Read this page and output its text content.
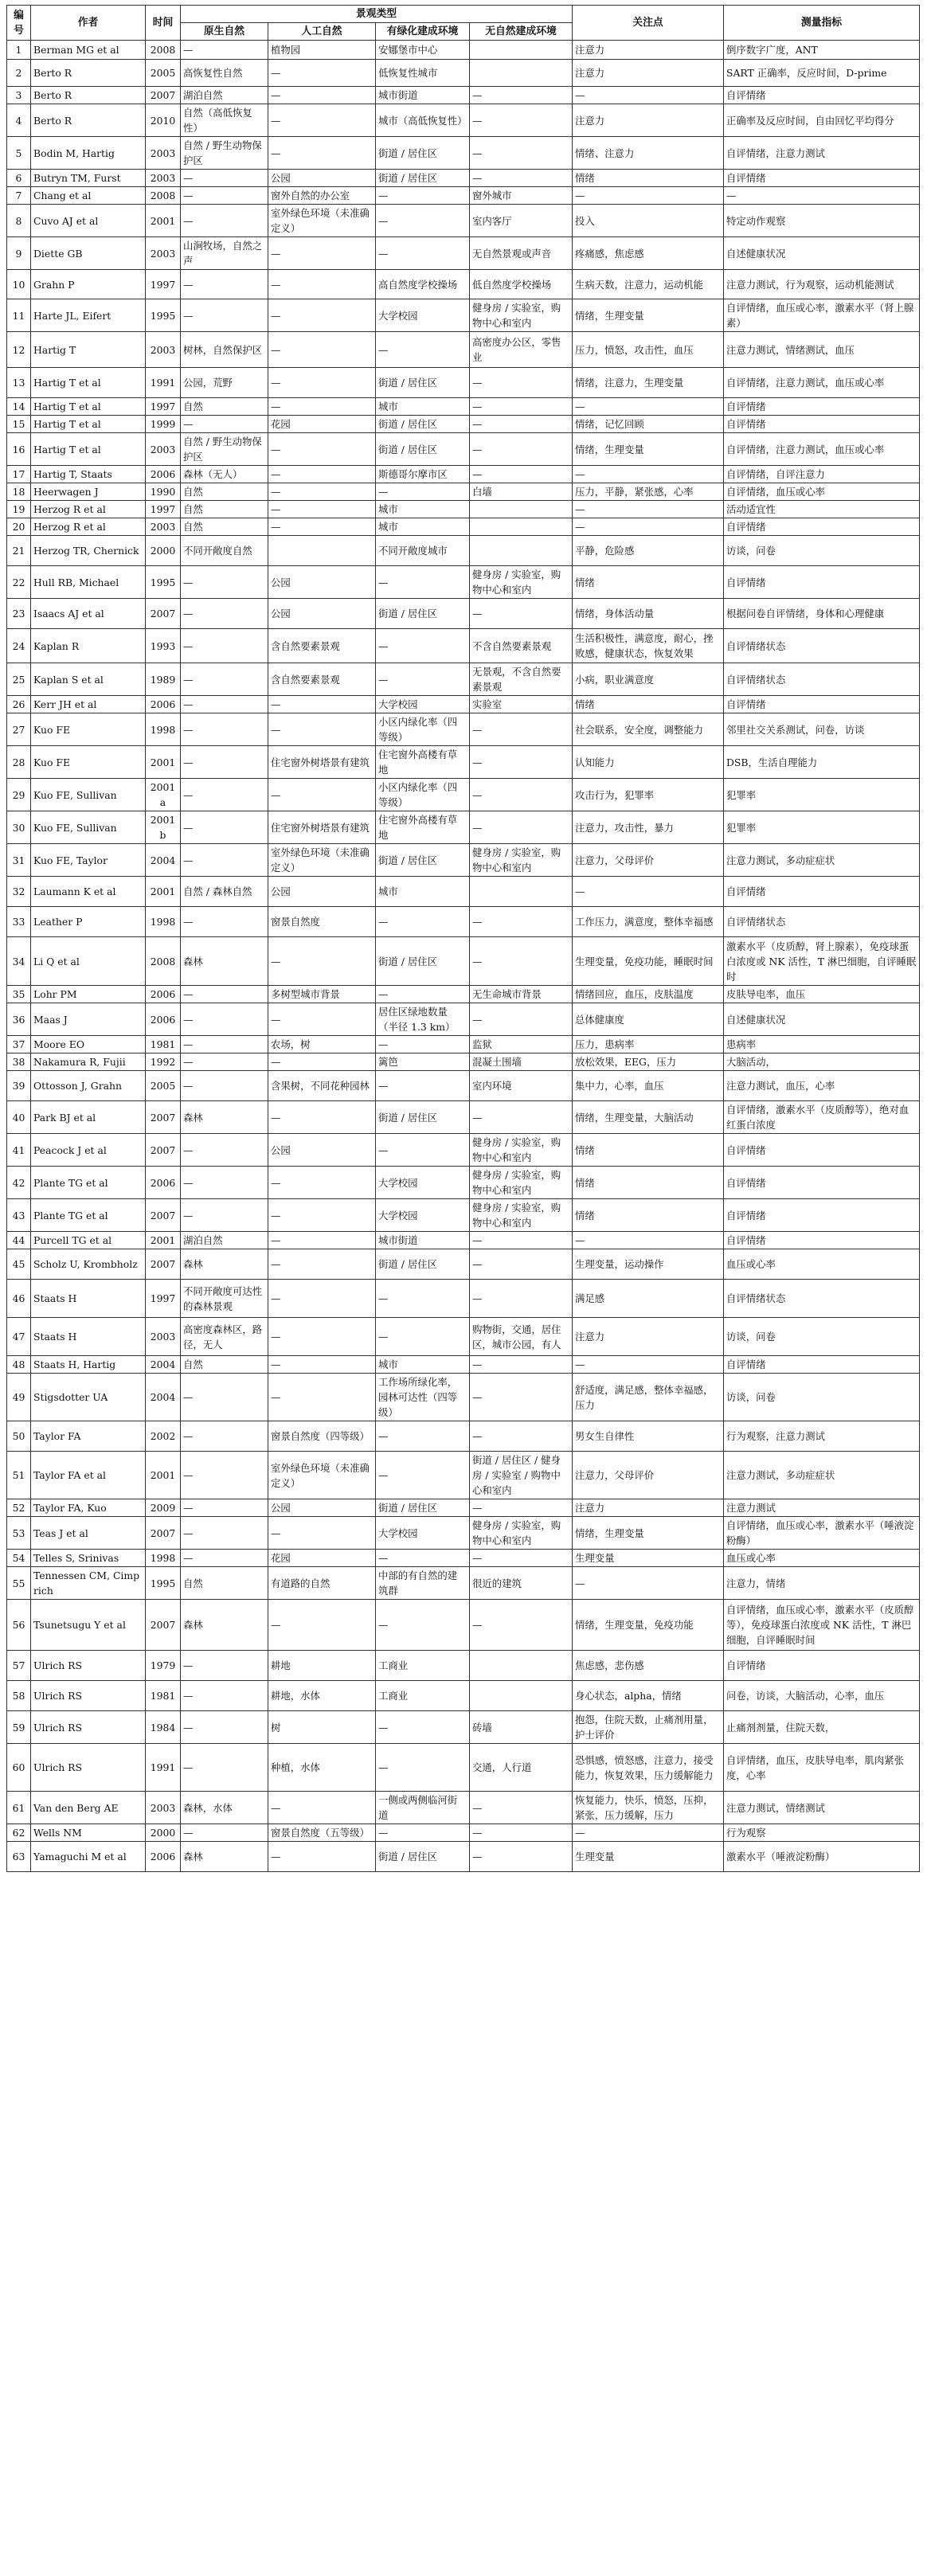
编号	作者	时间	景观类型				关注点	测量指标
			原生自然	人工自然	有绿化建成环境	无自然建成环境		
1	Berman MG et al	2008	—	植物园	安娜堡市中心		注意力	倒序数字广度，ANT
2	Berto R	2005	高恢复性自然	—	低恢复性城市		注意力	SART 正确率，反应时间，D-prime
3	Berto R	2007	湖泊自然	—	城市街道	—	—	自评情绪
4	Berto R	2010	自然（高低恢复性）	—	城市（高低恢复性）	—	注意力	正确率及反应时间，自由回忆平均得分
5	Bodin M, Hartig	2003	自然 / 野生动物保护区	—	街道 / 居住区	—	情绪、注意力	自评情绪，注意力测试
6	Butryn TM, Furst	2003	—	公园	街道 / 居住区	—	情绪	自评情绪
7	Chang et al	2008	—	窗外自然的办公室	—	窗外城市	—	—
8	Cuvo AJ et al	2001	—	室外绿色环境（未准确定义）	—	室内客厅	投入	特定动作观察
9	Diette GB	2003	山涧牧场，自然之声	—	—	无自然景观或声音	疼痛感，焦虑感	自述健康状况
10	Grahn P	1997	—	—	高自然度学校操场	低自然度学校操场	生病天数，注意力，运动机能	注意力测试，行为观察，运动机能测试
11	Harte JL, Eifert	1995	—	—	大学校园	健身房 / 实验室，购物中心和室内	情绪，生理变量	自评情绪，血压或心率，激素水平（肾上腺素）
12	Hartig T	2003	树林，自然保护区	—	—	高密度办公区，零售业	压力，愤怒，攻击性，血压	注意力测试，情绪测试，血压
13	Hartig T et al	1991	公园，荒野	—	街道 / 居住区	—	情绪，注意力，生理变量	自评情绪，注意力测试，血压或心率
14	Hartig T et al	1997	自然	—	城市	—	—	自评情绪
15	Hartig T et al	1999	—	花园	街道 / 居住区	—	情绪，记忆回顾	自评情绪
16	Hartig T et al	2003	自然 / 野生动物保护区	—	街道 / 居住区	—	情绪，生理变量	自评情绪，注意力测试，血压或心率
17	Hartig T, Staats	2006	森林（无人）	—	斯德哥尔摩市区	—	—	自评情绪，自评注意力
18	Heerwagen J	1990	自然	—	—	白墙	压力，平静，紧张感，心率	自评情绪，血压或心率
19	Herzog R et al	1997	自然	—	城市		—	活动适宜性
20	Herzog R et al	2003	自然	—	城市		—	自评情绪
21	Herzog TR, Chernick	2000	不同开敞度自然		不同开敞度城市		平静，危险感	访谈，问卷
22	Hull RB, Michael	1995	—	公园	—	健身房 / 实验室，购物中心和室内	情绪	自评情绪
23	Isaacs AJ et al	2007	—	公园	街道 / 居住区	—	情绪，身体活动量	根据问卷自评情绪，身体和心理健康
24	Kaplan R	1993	—	含自然要素景观	—	不含自然要素景观	生活积极性，满意度，耐心，挫败感，健康状态，恢复效果	自评情绪状态
25	Kaplan S et al	1989	—	含自然要素景观	—	无景观，不含自然要素景观	小病，职业满意度	自评情绪状态
26	Kerr JH et al	2006	—	—	大学校园	实验室	情绪	自评情绪
27	Kuo FE	1998	—	—	小区内绿化率（四等级）	—	社会联系，安全度，调整能力	邻里社交关系测试，问卷，访谈
28	Kuo FE	2001	—	住宅窗外树塔景有建筑	住宅窗外高楼有草地	—	认知能力	DSB，生活自理能力
29	Kuo FE, Sullivan	2001a	—	—	小区内绿化率（四等级）	—	攻击行为，犯罪率	犯罪率
30	Kuo FE, Sullivan	2001b	—	住宅窗外树塔景有建筑	住宅窗外高楼有草地	—	注意力，攻击性，暴力	犯罪率
31	Kuo FE, Taylor	2004	—	室外绿色环境（未准确定义）	街道 / 居住区	健身房 / 实验室，购物中心和室内	注意力，父母评价	注意力测试，多动症症状
32	Laumann K et al	2001	自然 / 森林自然	公园	城市		—	自评情绪
33	Leather P	1998	—	窗景自然度	—	—	工作压力，满意度，整体幸福感	自评情绪状态
34	Li Q et al	2008	森林	—	街道 / 居住区	—	生理变量，免疫功能，睡眠时间	激素水平（皮质醇，肾上腺素），免疫球蛋白浓度或 NK 活性，T 淋巴细胞，自评睡眠时
35	Lohr PM	2006	—	多树型城市背景	—	无生命城市背景	情绪回应，血压，皮肤温度	皮肤导电率，血压
36	Maas J	2006	—	—	居住区绿地数量（半径 1.3 km）	—	总体健康度	自述健康状况
37	Moore EO	1981	—	农场，树	—	监狱	压力，患病率	患病率
38	Nakamura R, Fujii	1992	—	—	篱笆	混凝土围墙	放松效果，EEG，压力	大脑活动，
39	Ottosson J, Grahn	2005	—	含果树，不同花种园林	—	室内环境	集中力，心率，血压	注意力测试，血压，心率
40	Park BJ et al	2007	森林	—	街道 / 居住区	—	情绪，生理变量，大脑活动	自评情绪，激素水平（皮质醇等），绝对血红蛋白浓度
41	Peacock J et al	2007	—	公园	—	健身房 / 实验室，购物中心和室内	情绪	自评情绪
42	Plante TG et al	2006	—	—	大学校园	健身房 / 实验室，购物中心和室内	情绪	自评情绪
43	Plante TG et al	2007	—	—	大学校园	健身房 / 实验室，购物中心和室内	情绪	自评情绪
44	Purcell TG et al	2001	湖泊自然	—	城市街道	—	—	自评情绪
45	Scholz U, Krombholz	2007	森林	—	街道 / 居住区	—	生理变量，运动操作	血压或心率
46	Staats H	1997	不同开敞度可达性的森林景观	—	—	—	满足感	自评情绪状态
47	Staats H	2003	高密度森林区，路径，无人	—	—	购物街，交通，居住区，城市公园，有人	注意力	访谈，问卷
48	Staats H, Hartig	2004	自然	—	城市	—	—	自评情绪
49	Stigsdotter UA	2004	—	—	工作场所绿化率，园林可达性（四等级）	—	舒适度，满足感，整体幸福感，压力	访谈，问卷
50	Taylor FA	2002	—	窗景自然度（四等级）	—	—	男女生自律性	行为观察，注意力测试
51	Taylor FA et al	2001	—	室外绿色环境（未准确定义）	—	街道 / 居住区 / 健身房 / 实验室 / 购物中心和室内	注意力，父母评价	注意力测试，多动症症状
52	Taylor FA, Kuo	2009	—	公园	街道 / 居住区	—	注意力	注意力测试
53	Teas J et al	2007	—	—	大学校园	健身房 / 实验室，购物中心和室内	情绪，生理变量	自评情绪，血压或心率，激素水平（唾液淀粉酶）
54	Telles S, Srinivas	1998	—	花园	—	—	生理变量	血压或心率
55	Tennessen CM, Cimprich	1995	自然	有道路的自然	中部的有自然的建筑群	很近的建筑	—	注意力，情绪
56	Tsunetsugu Y et al	2007	森林	—	—	—	情绪，生理变量，免疫功能	自评情绪，血压或心率，激素水平（皮质醇等），免疫球蛋白浓度或 NK 活性，T 淋巴细胞，自评睡眠时间
57	Ulrich RS	1979	—	耕地	工商业		焦虑感，悲伤感	自评情绪
58	Ulrich RS	1981	—	耕地，水体	工商业		身心状态，alpha，情绪	问卷，访谈，大脑活动，心率，血压
59	Ulrich RS	1984	—	树	—	砖墙	抱怨，住院天数，止痛剂用量，护士评价	止痛剂剂量，住院天数，
60	Ulrich RS	1991	—	种植，水体	—	交通，人行道	恐惧感，愤怒感，注意力，接受能力，恢复效果，压力缓解能力	自评情绪，血压，皮肤导电率，肌肉紧张度，心率
61	Van den Berg AE	2003	森林，水体	—	一侧或两侧临河街道	—	恢复能力，快乐，愤怒，压抑，紧张，压力缓解，压力	注意力测试，情绪测试
62	Wells NM	2000	—	窗景自然度（五等级）	—	—	—	行为观察
63	Yamaguchi M et al	2006	森林	—	街道 / 居住区	—	生理变量	激素水平（唾液淀粉酶）
